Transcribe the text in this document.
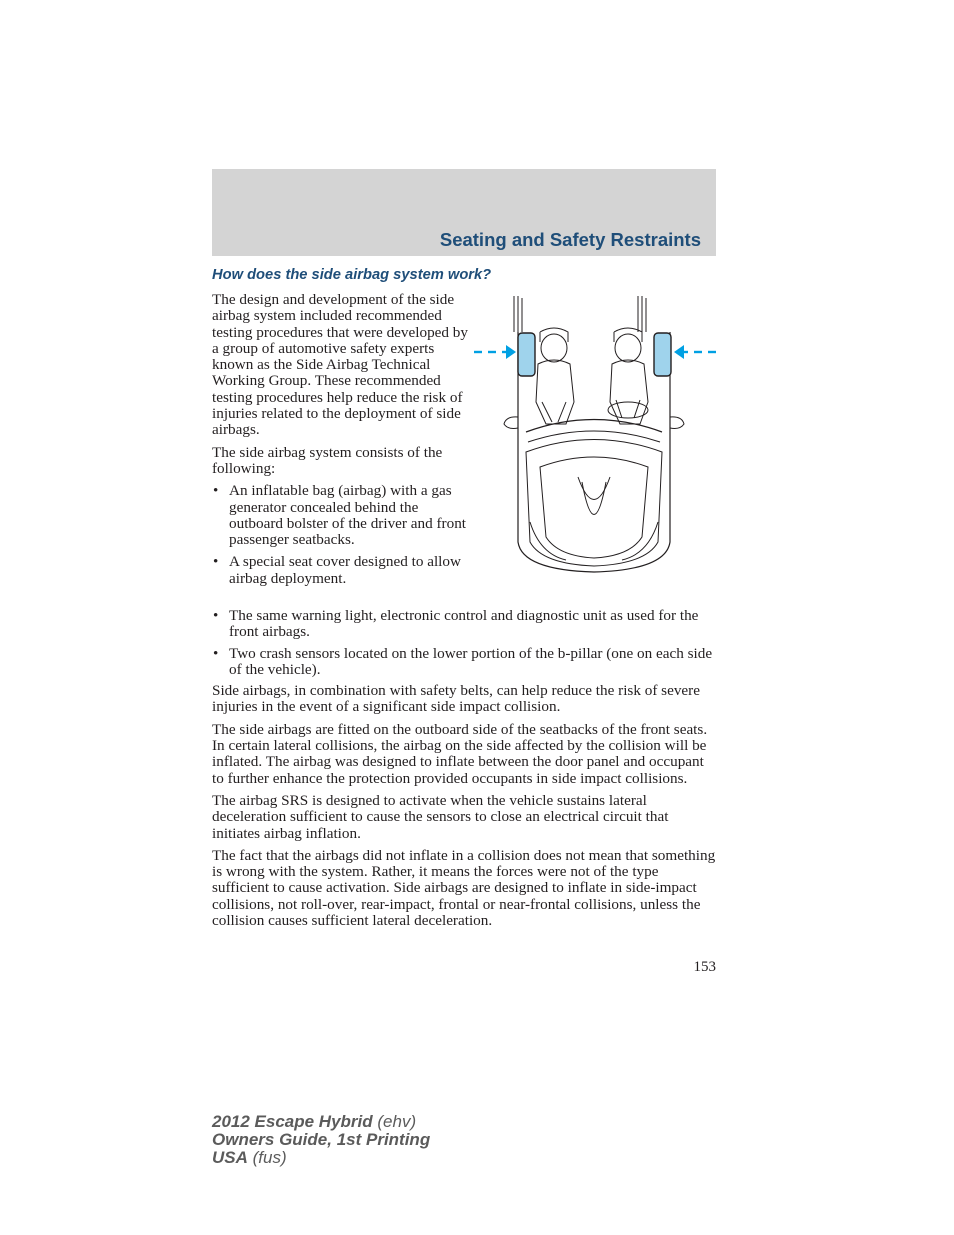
Seating and Safety Restraints
How does the side airbag system work?

The design and development of the side airbag system included recommended testing procedures that were developed by a group of automotive safety experts known as the Side Airbag Technical Working Group. These recommended testing procedures help reduce the risk of injuries related to the deployment of side airbags.

The side airbag system consists of the following:

• An inflatable bag (airbag) with a gas generator concealed behind the outboard bolster of the driver and front passenger seatbacks.
• A special seat cover designed to allow airbag deployment.
• The same warning light, electronic control and diagnostic unit as used for the front airbags.
• Two crash sensors located on the lower portion of the b-pillar (one on each side of the vehicle).

Side airbags, in combination with safety belts, can help reduce the risk of severe injuries in the event of a significant side impact collision.

The side airbags are fitted on the outboard side of the seatbacks of the front seats. In certain lateral collisions, the airbag on the side affected by the collision will be inflated. The airbag was designed to inflate between the door panel and occupant to further enhance the protection provided occupants in side impact collisions.

The airbag SRS is designed to activate when the vehicle sustains lateral deceleration sufficient to cause the sensors to close an electrical circuit that initiates airbag inflation.

The fact that the airbags did not inflate in a collision does not mean that something is wrong with the system. Rather, it means the forces were not of the type sufficient to cause activation. Side airbags are designed to inflate in side-impact collisions, not roll-over, rear-impact, frontal or near-frontal collisions, unless the collision causes sufficient lateral deceleration.

153
2012 Escape Hybrid (ehv)
Owners Guide, 1st Printing
USA (fus)
